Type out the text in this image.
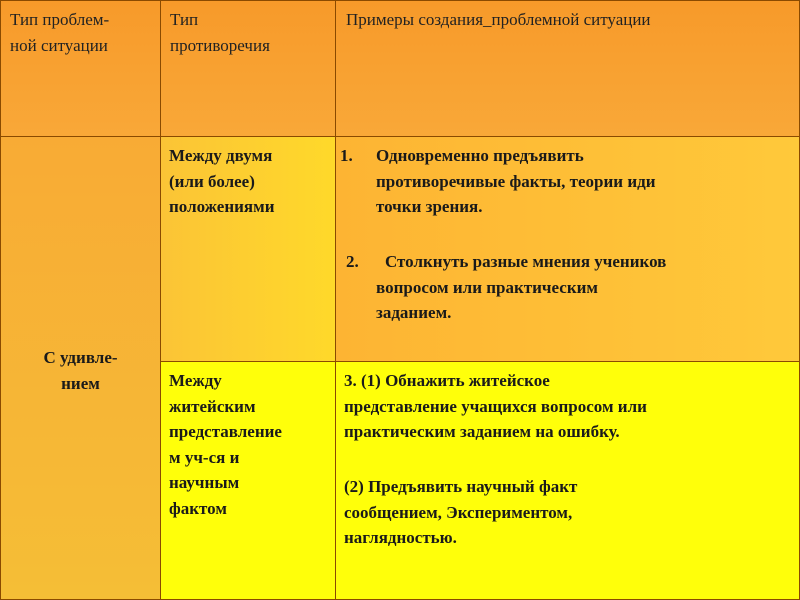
Тип проблем-
ной ситуации
Тип
противоречия
Примеры создания_проблемной ситуации
С удивле-
нием
Между двумя
(или более)
положениями
1. Одновременно предъявить
противоречивые факты, теории иди
точки зрения.
2.	Столкнуть разные мнения учеников
вопросом или практическим
заданием.
Между
житейским
представление
м уч-ся и
научным
фактом
3. (1) Обнажить житейское
представление учащихся вопросом или
практическим заданием на ошибку.
(2) Предъявить научный факт
сообщением, Экспериментом,
наглядностью.
